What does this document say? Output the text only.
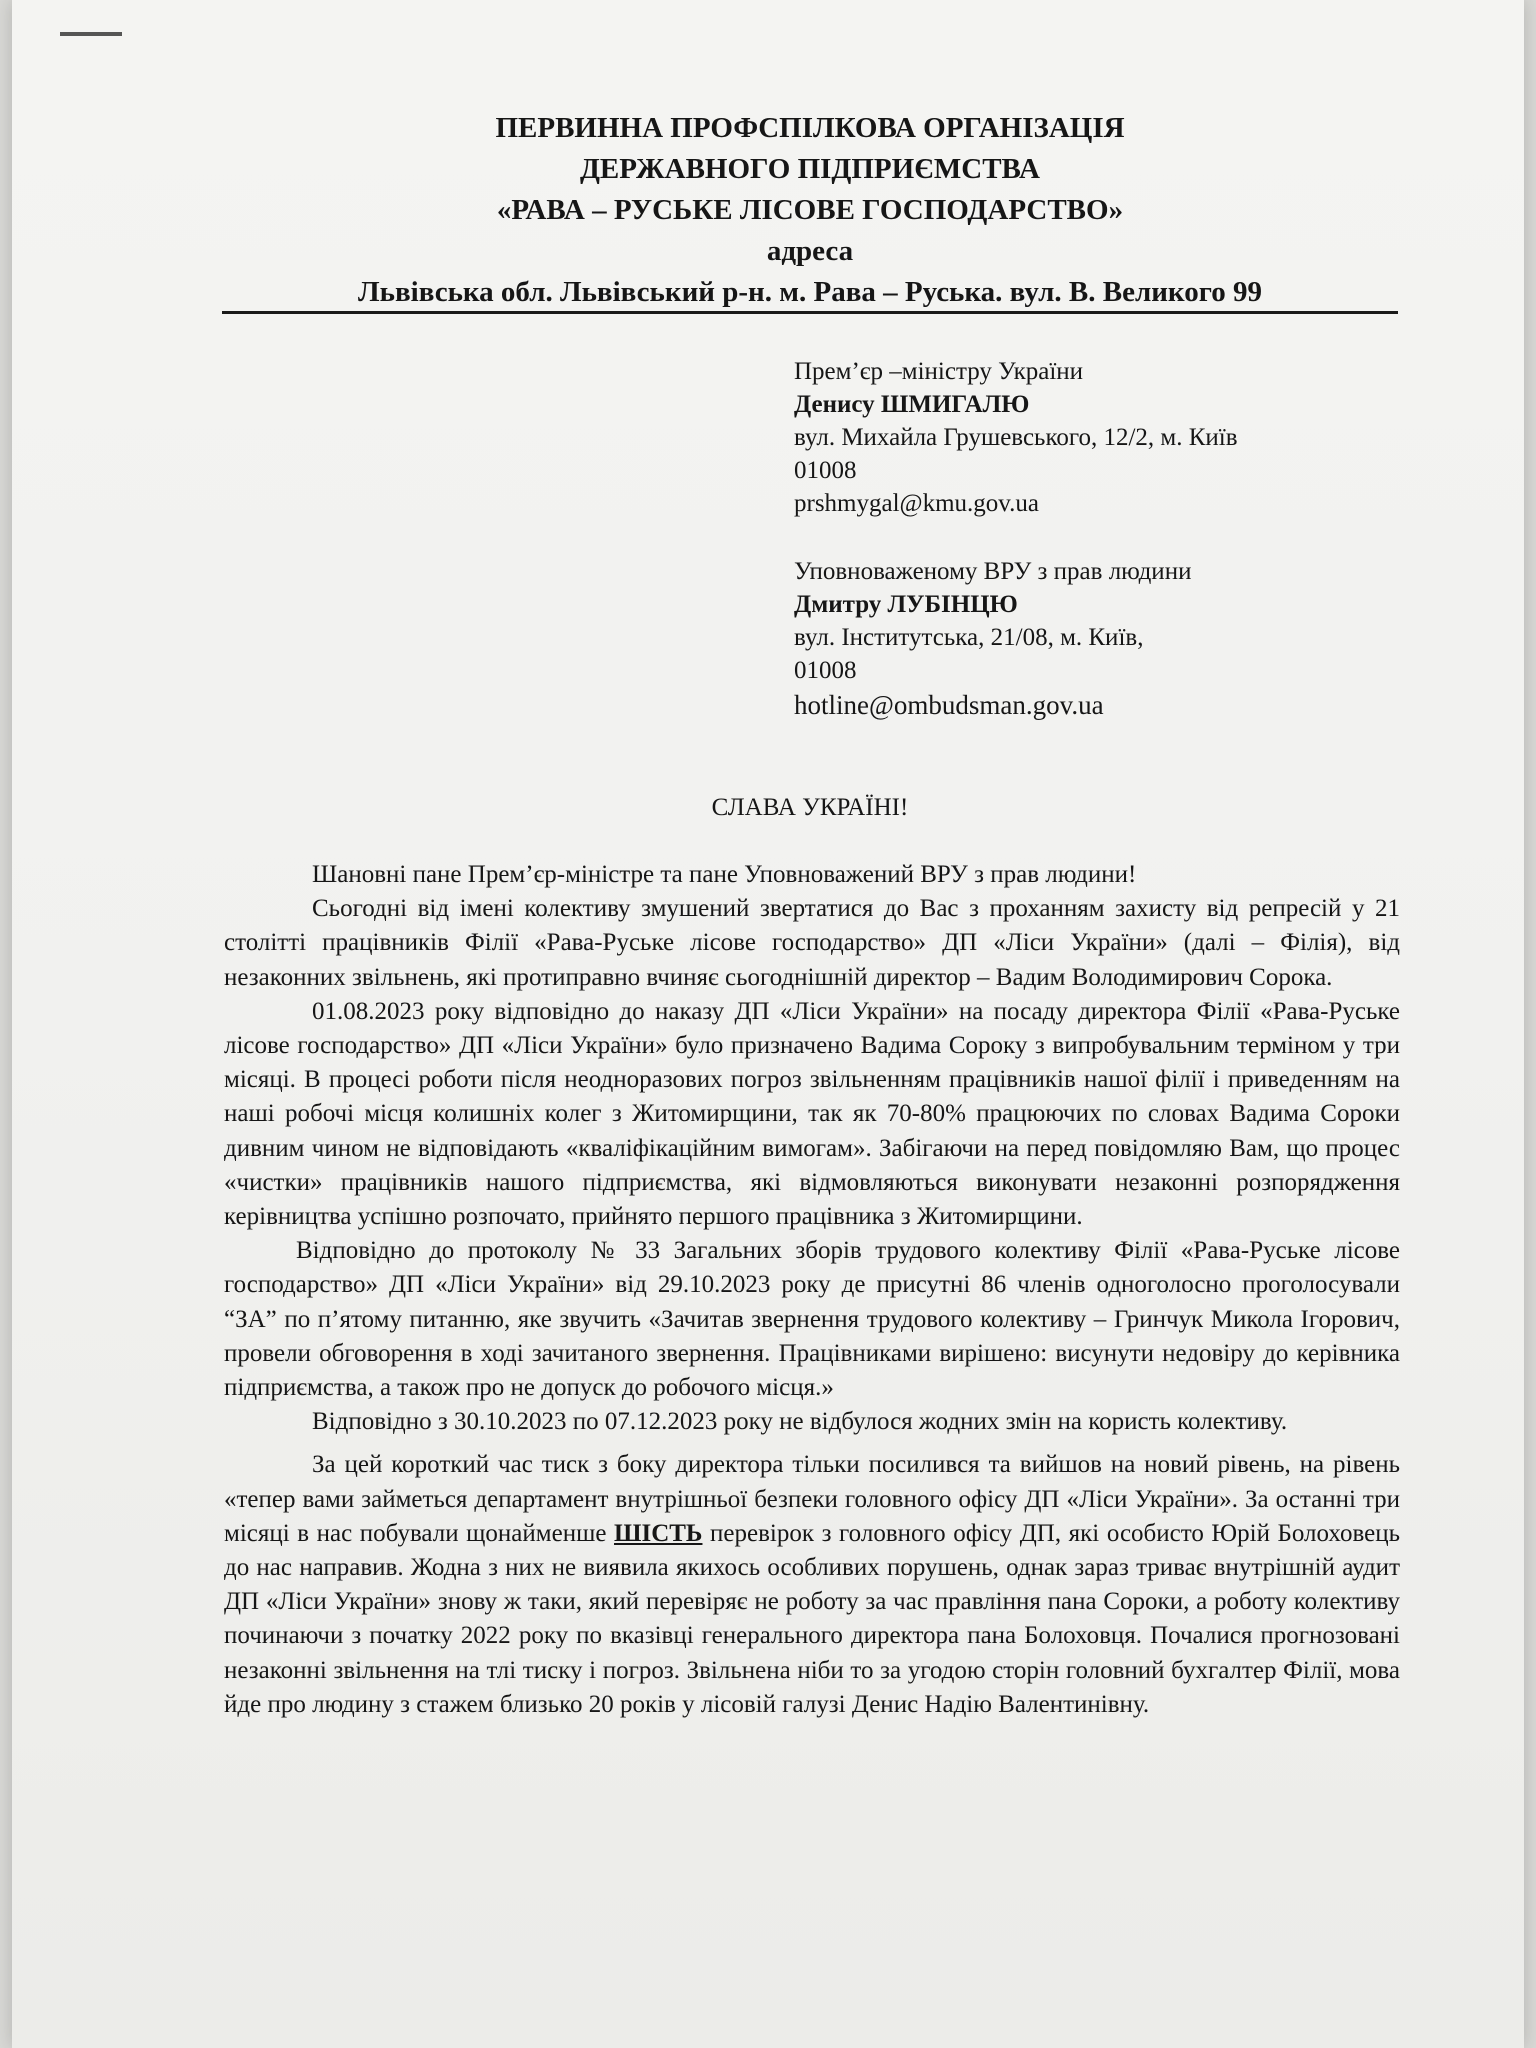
ПЕРВИННА ПРОФСПІЛКОВА ОРГАНІЗАЦІЯ
ДЕРЖАВНОГО ПІДПРИЄМСТВА
«РАВА – РУСЬКЕ ЛІСОВЕ ГОСПОДАРСТВО»
адреса
Львівська обл. Львівський р-н. м. Рава – Руська. вул. В. Великого 99
Прем’єр –міністру України
Денису ШМИГАЛЮ
вул. Михайла Грушевського, 12/2, м. Київ
01008
prshmygal@kmu.gov.ua
Уповноваженому ВРУ з прав людини
Дмитру ЛУБІНЦЮ
вул. Інститутська, 21/08, м. Київ,
01008
hotline@ombudsman.gov.ua
СЛАВА УКРАЇНІ!

Шановні пане Прем’єр-міністре та пане Уповноважений ВРУ з прав людини!

Сьогодні від імені колективу змушений звертатися до Вас з проханням захисту від репресій у 21 столітті працівників Філії «Рава-Руське лісове господарство» ДП «Ліси України» (далі – Філія), від незаконних звільнень, які протиправно вчиняє сьогоднішній директор – Вадим Володимирович Сорока.

01.08.2023 року відповідно до наказу ДП «Ліси України» на посаду директора Філії «Рава-Руське лісове господарство» ДП «Ліси України» було призначено Вадима Сороку з випробувальним терміном у три місяці. В процесі роботи після неодноразових погроз звільненням працівників нашої філії і приведенням на наші робочі місця колишніх колег з Житомирщини, так як 70-80% працюючих по словах Вадима Сороки дивним чином не відповідають «кваліфікаційним вимогам». Забігаючи на перед повідомляю Вам, що процес «чистки» працівників нашого підприємства, які відмовляються виконувати незаконні розпорядження керівництва успішно розпочато, прийнято першого працівника з Житомирщини.

Відповідно до протоколу № 33 Загальних зборів трудового колективу Філії «Рава-Руське лісове господарство» ДП «Ліси України» від 29.10.2023 року де присутні 86 членів одноголосно проголосували “ЗА” по п’ятому питанню, яке звучить «Зачитав звернення трудового колективу – Гринчук Микола Ігорович, провели обговорення в ході зачитаного звернення. Працівниками вирішено: висунути недовіру до керівника підприємства, а також про не допуск до робочого місця.»

Відповідно з 30.10.2023 по 07.12.2023 року не відбулося жодних змін на користь колективу.

За цей короткий час тиск з боку директора тільки посилився та вийшов на новий рівень, на рівень «тепер вами займеться департамент внутрішньої безпеки головного офісу ДП «Ліси України». За останні три місяці в нас побували щонайменше ШІСТЬ перевірок з головного офісу ДП, які особисто Юрій Болоховець до нас направив. Жодна з них не виявила якихось особливих порушень, однак зараз триває внутрішній аудит ДП «Ліси України» знову ж таки, який перевіряє не роботу за час правління пана Сороки, а роботу колективу починаючи з початку 2022 року по вказівці генерального директора пана Болоховця. Почалися прогнозовані незаконні звільнення на тлі тиску і погроз. Звільнена ніби то за угодою сторін головний бухгалтер Філії, мова йде про людину з стажем близько 20 років у лісовій галузі Денис Надію Валентинівну.
